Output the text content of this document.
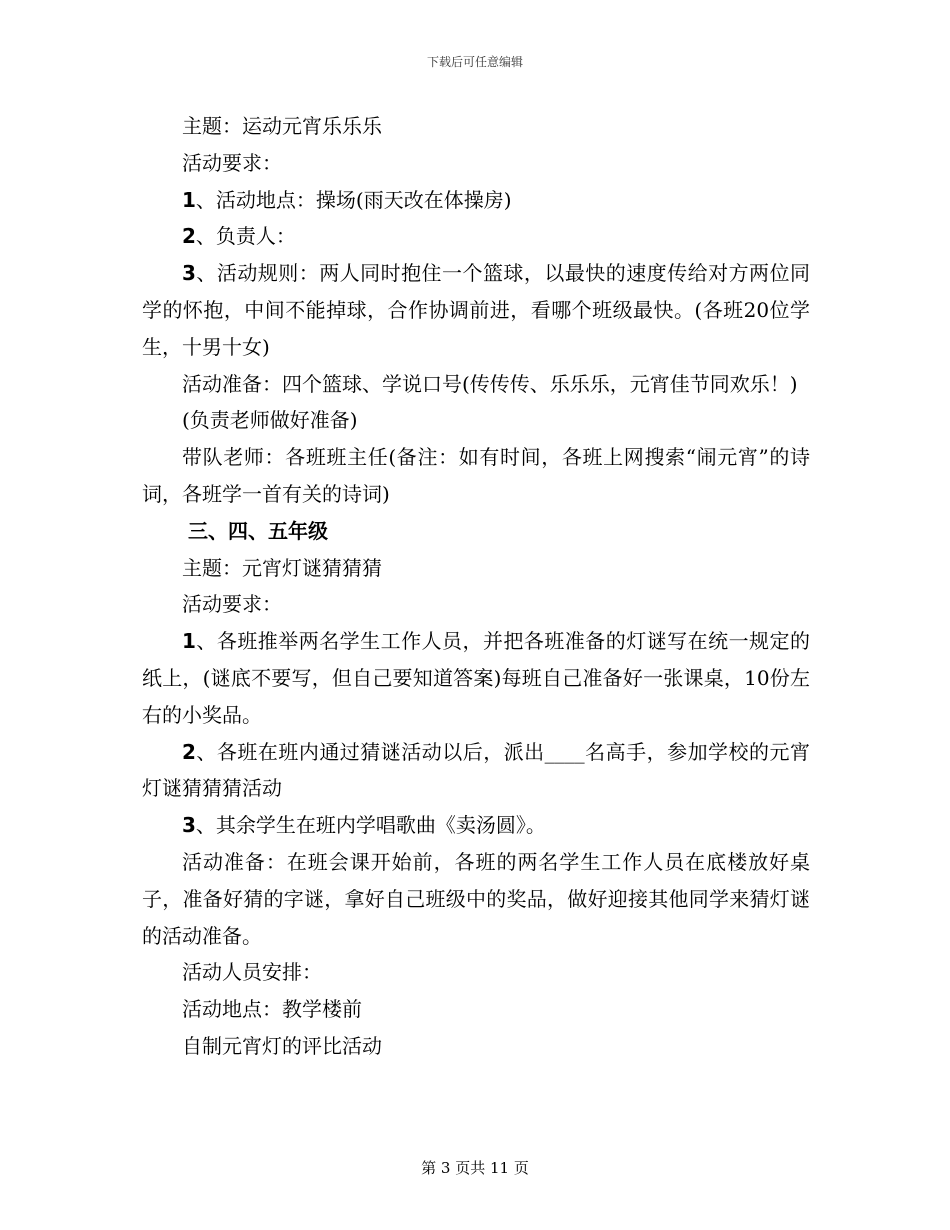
下载后可任意编辑

主题：运动元宵乐乐乐

活动要求：

1、活动地点：操场(雨天改在体操房)

2、负责人：

3、活动规则：两人同时抱住一个篮球，以最快的速度传给对方两位同学的怀抱，中间不能掉球，合作协调前进，看哪个班级最快。(各班20位学生，十男十女)

活动准备：四个篮球、学说口号(传传传、乐乐乐，元宵佳节同欢乐！)

(负责老师做好准备)

带队老师：各班班主任(备注：如有时间，各班上网搜索“闹元宵”的诗词，各班学一首有关的诗词)

三、四、五年级

主题：元宵灯谜猜猜猜

活动要求：

1、各班推举两名学生工作人员，并把各班准备的灯谜写在统一规定的纸上，(谜底不要写，但自己要知道答案)每班自己准备好一张课桌，10份左右的小奖品。

2、各班在班内通过猜谜活动以后，派出____名高手，参加学校的元宵灯谜猜猜猜活动

3、其余学生在班内学唱歌曲《卖汤圆》。

活动准备：在班会课开始前，各班的两名学生工作人员在底楼放好桌子，准备好猜的字谜，拿好自己班级中的奖品，做好迎接其他同学来猜灯谜的活动准备。

活动人员安排：

活动地点：教学楼前

自制元宵灯的评比活动

第 3 页共 11 页
